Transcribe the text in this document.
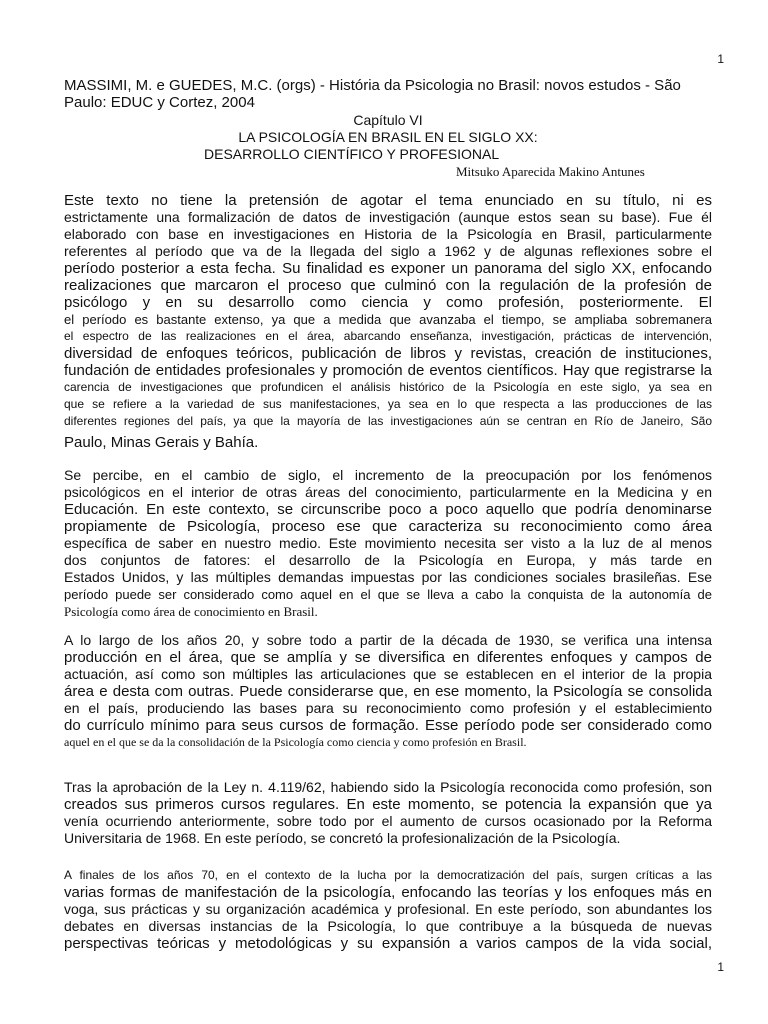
1
MASSIMI, M. e GUEDES, M.C. (orgs) - História da Psicologia no Brasil: novos estudos - São
Paulo: EDUC y Cortez, 2004
Capítulo VI
LA PSICOLOGÍA EN BRASIL EN EL SIGLO XX:
DESARROLLO CIENTÍFICO Y PROFESIONAL
Mitsuko Aparecida Makino Antunes
Este texto no tiene la pretensión de agotar el tema enunciado en su título, ni es
estrictamente una formalización de datos de investigación (aunque estos sean su base). Fue él
elaborado con base en investigaciones en Historia de la Psicología en Brasil, particularmente
referentes al período que va de la llegada del siglo a 1962 y de algunas reflexiones sobre el
período posterior a esta fecha. Su finalidad es exponer un panorama del siglo XX, enfocando
realizaciones que marcaron el proceso que culminó con la regulación de la profesión de
psicólogo y en su desarrollo como ciencia y como profesión, posteriormente. El
el período es bastante extenso, ya que a medida que avanzaba el tiempo, se ampliaba sobremanera
el espectro de las realizaciones en el área, abarcando enseñanza, investigación, prácticas de intervención,
diversidad de enfoques teóricos, publicación de libros y revistas, creación de instituciones,
fundación de entidades profesionales y promoción de eventos científicos. Hay que registrarse la
carencia de investigaciones que profundicen el análisis histórico de la Psicología en este siglo, ya sea en
que se refiere a la variedad de sus manifestaciones, ya sea en lo que respecta a las producciones de las
diferentes regiones del país, ya que la mayoría de las investigaciones aún se centran en Río de Janeiro, São
Paulo, Minas Gerais y Bahía.
Se percibe, en el cambio de siglo, el incremento de la preocupación por los fenómenos
psicológicos en el interior de otras áreas del conocimiento, particularmente en la Medicina y en
Educación. En este contexto, se circunscribe poco a poco aquello que podría denominarse
propiamente de Psicología, proceso ese que caracteriza su reconocimiento como área
específica de saber en nuestro medio. Este movimiento necesita ser visto a la luz de al menos
dos conjuntos de fatores: el desarrollo de la Psicología en Europa, y más tarde en
Estados Unidos, y las múltiples demandas impuestas por las condiciones sociales brasileñas. Ese
período puede ser considerado como aquel en el que se lleva a cabo la conquista de la autonomía de
Psicología como área de conocimiento en Brasil.
A lo largo de los años 20, y sobre todo a partir de la década de 1930, se verifica una intensa
producción en el área, que se amplía y se diversifica en diferentes enfoques y campos de
actuación, así como son múltiples las articulaciones que se establecen en el interior de la propia
área e desta com outras. Puede considerarse que, en ese momento, la Psicología se consolida
en el país, produciendo las bases para su reconocimiento como profesión y el establecimiento
do currículo mínimo para seus cursos de formação. Esse período pode ser considerado como
aquel en el que se da la consolidación de la Psicología como ciencia y como profesión en Brasil.
Tras la aprobación de la Ley n. 4.119/62, habiendo sido la Psicología reconocida como profesión, son
creados sus primeros cursos regulares. En este momento, se potencia la expansión que ya
venía ocurriendo anteriormente, sobre todo por el aumento de cursos ocasionado por la Reforma
Universitaria de 1968. En este período, se concretó la profesionalización de la Psicología.
A finales de los años 70, en el contexto de la lucha por la democratización del país, surgen críticas a las
varias formas de manifestación de la psicología, enfocando las teorías y los enfoques más en
voga, sus prácticas y su organización académica y profesional. En este período, son abundantes los
debates en diversas instancias de la Psicología, lo que contribuye a la búsqueda de nuevas
perspectivas teóricas y metodológicas y su expansión a varios campos de la vida social,
1
